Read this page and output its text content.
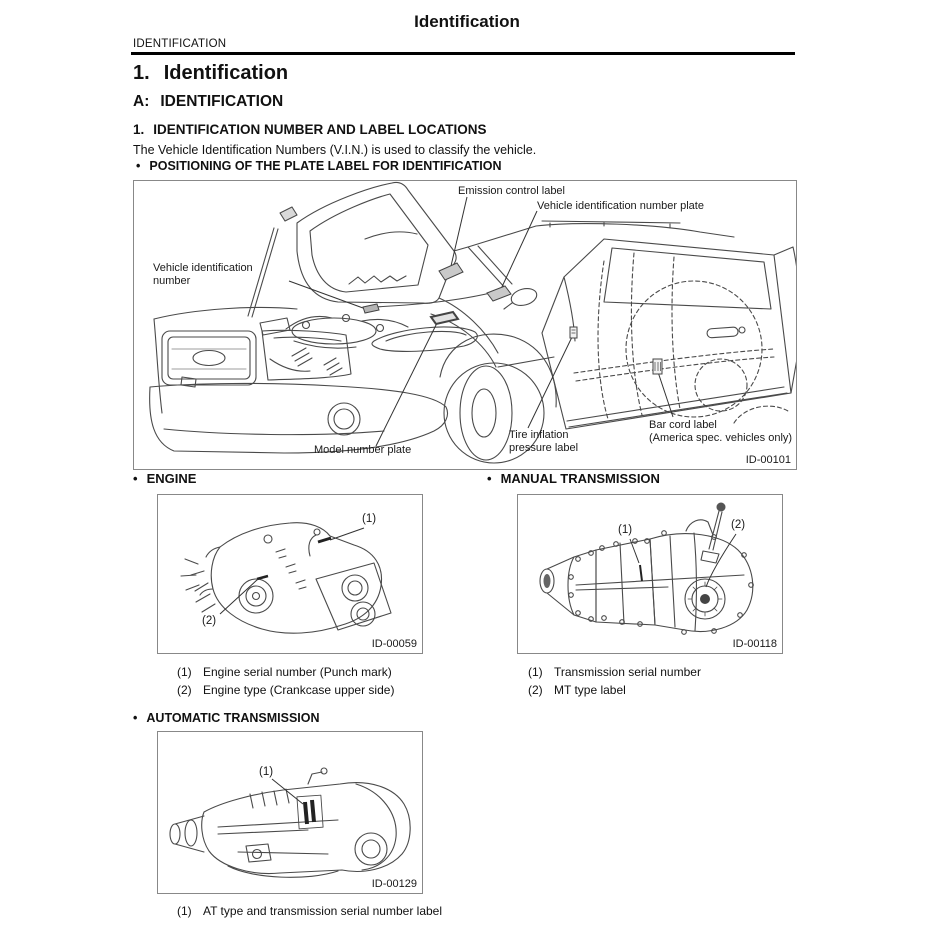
Identification
IDENTIFICATION
1. Identification
A: IDENTIFICATION
1. IDENTIFICATION NUMBER AND LABEL LOCATIONS
The Vehicle Identification Numbers (V.I.N.) is used to classify the vehicle.
• POSITIONING OF THE PLATE LABEL FOR IDENTIFICATION
Emission control label
Vehicle identification number plate
Vehicle identification
number
Model number plate
Tire inflation
pressure label
Bar cord label
(America spec. vehicles only)
ID-00101
• ENGINE
(1)
(2)
ID-00059
(1) Engine serial number (Punch mark)
(2) Engine type (Crankcase upper side)
• MANUAL TRANSMISSION
(1)	(2)
ID-00118
(1) Transmission serial number
(2) MT type label
• AUTOMATIC TRANSMISSION
(1)
ID-00129
(1) AT type and transmission serial number label
